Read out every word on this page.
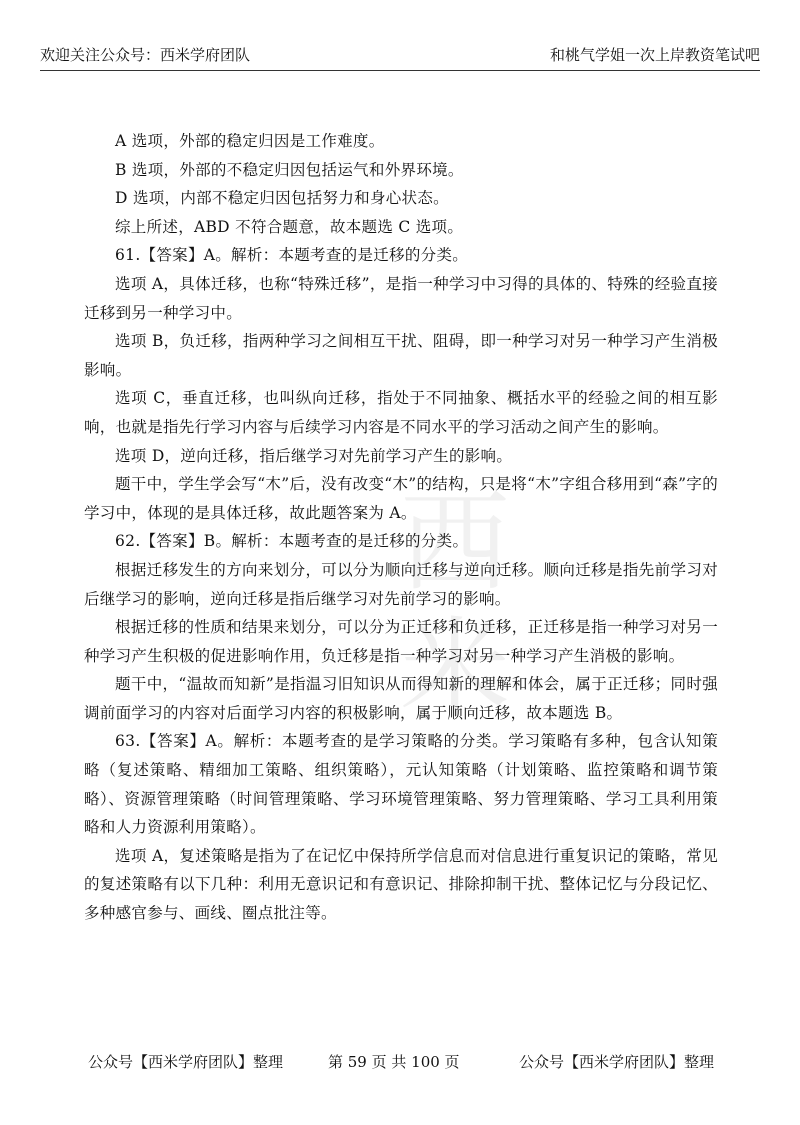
欢迎关注公众号：西米学府团队	和桃气学姐一次上岸教资笔试吧
西米

A 选项，外部的稳定归因是工作难度。

B 选项，外部的不稳定归因包括运气和外界环境。

D 选项，内部不稳定归因包括努力和身心状态。

综上所述，ABD 不符合题意，故本题选 C 选项。

61.【答案】A。解析：本题考查的是迁移的分类。

选项 A，具体迁移，也称“特殊迁移”，是指一种学习中习得的具体的、特殊的经验直接迁移到另一种学习中。

选项 B，负迁移，指两种学习之间相互干扰、阻碍，即一种学习对另一种学习产生消极影响。

选项 C，垂直迁移，也叫纵向迁移，指处于不同抽象、概括水平的经验之间的相互影响，也就是指先行学习内容与后续学习内容是不同水平的学习活动之间产生的影响。

选项 D，逆向迁移，指后继学习对先前学习产生的影响。

题干中，学生学会写“木”后，没有改变“木”的结构，只是将“木”字组合移用到“森”字的学习中，体现的是具体迁移，故此题答案为 A。

62.【答案】B。解析：本题考查的是迁移的分类。

根据迁移发生的方向来划分，可以分为顺向迁移与逆向迁移。顺向迁移是指先前学习对后继学习的影响，逆向迁移是指后继学习对先前学习的影响。

根据迁移的性质和结果来划分，可以分为正迁移和负迁移，正迁移是指一种学习对另一种学习产生积极的促进影响作用，负迁移是指一种学习对另一种学习产生消极的影响。

题干中，“温故而知新”是指温习旧知识从而得知新的理解和体会，属于正迁移；同时强调前面学习的内容对后面学习内容的积极影响，属于顺向迁移，故本题选 B。

63.【答案】A。解析：本题考查的是学习策略的分类。学习策略有多种，包含认知策略（复述策略、精细加工策略、组织策略），元认知策略（计划策略、监控策略和调节策略）、资源管理策略（时间管理策略、学习环境管理策略、努力管理策略、学习工具利用策略和人力资源利用策略）。

选项 A，复述策略是指为了在记忆中保持所学信息而对信息进行重复识记的策略，常见的复述策略有以下几种：利用无意识记和有意识记、排除抑制干扰、整体记忆与分段记忆、多种感官参与、画线、圈点批注等。

公众号【西米学府团队】整理	第 59 页 共 100 页	公众号【西米学府团队】整理
